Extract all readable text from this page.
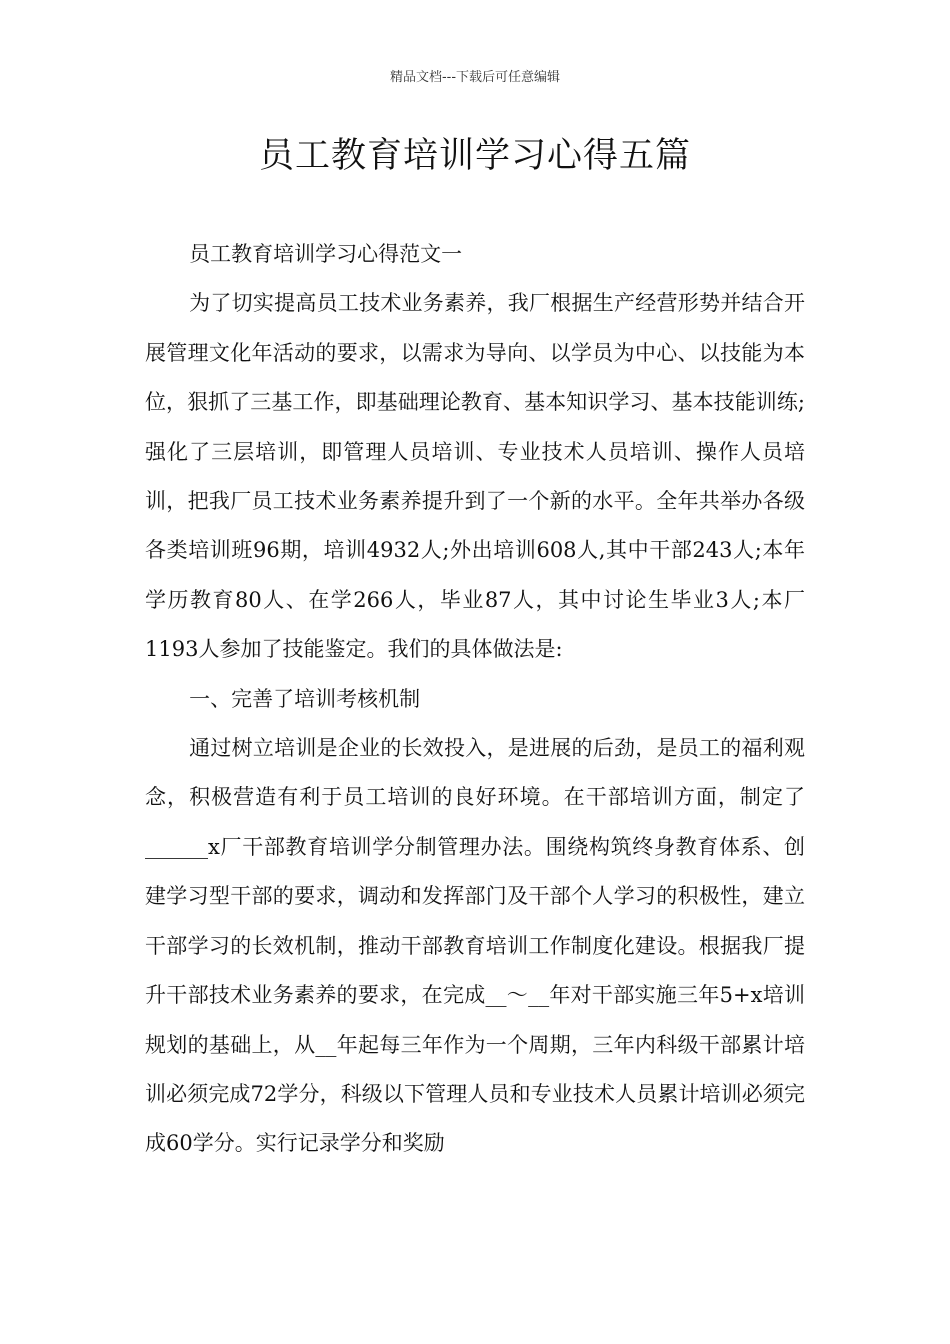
精品文档---下载后可任意编辑
员工教育培训学习心得五篇

员工教育培训学习心得范文一

为了切实提高员工技术业务素养，我厂根据生产经营形势并结合开展管理文化年活动的要求，以需求为导向、以学员为中心、以技能为本位，狠抓了三基工作，即基础理论教育、基本知识学习、基本技能训练;强化了三层培训，即管理人员培训、专业技术人员培训、操作人员培训，把我厂员工技术业务素养提升到了一个新的水平。全年共举办各级各类培训班96期，培训4932人;外出培训608人,其中干部243人;本年学历教育80人、在学266人，毕业87人，其中讨论生毕业3人;本厂1193人参加了技能鉴定。我们的具体做法是:

一、完善了培训考核机制

通过树立培训是企业的长效投入，是进展的后劲，是员工的福利观念，积极营造有利于员工培训的良好环境。在干部培训方面，制定了______x厂干部教育培训学分制管理办法。围绕构筑终身教育体系、创建学习型干部的要求，调动和发挥部门及干部个人学习的积极性，建立干部学习的长效机制，推动干部教育培训工作制度化建设。根据我厂提升干部技术业务素养的要求，在完成__～__年对干部实施三年5+x培训规划的基础上，从__年起每三年作为一个周期，三年内科级干部累计培训必须完成72学分，科级以下管理人员和专业技术人员累计培训必须完成60学分。实行记录学分和奖励
